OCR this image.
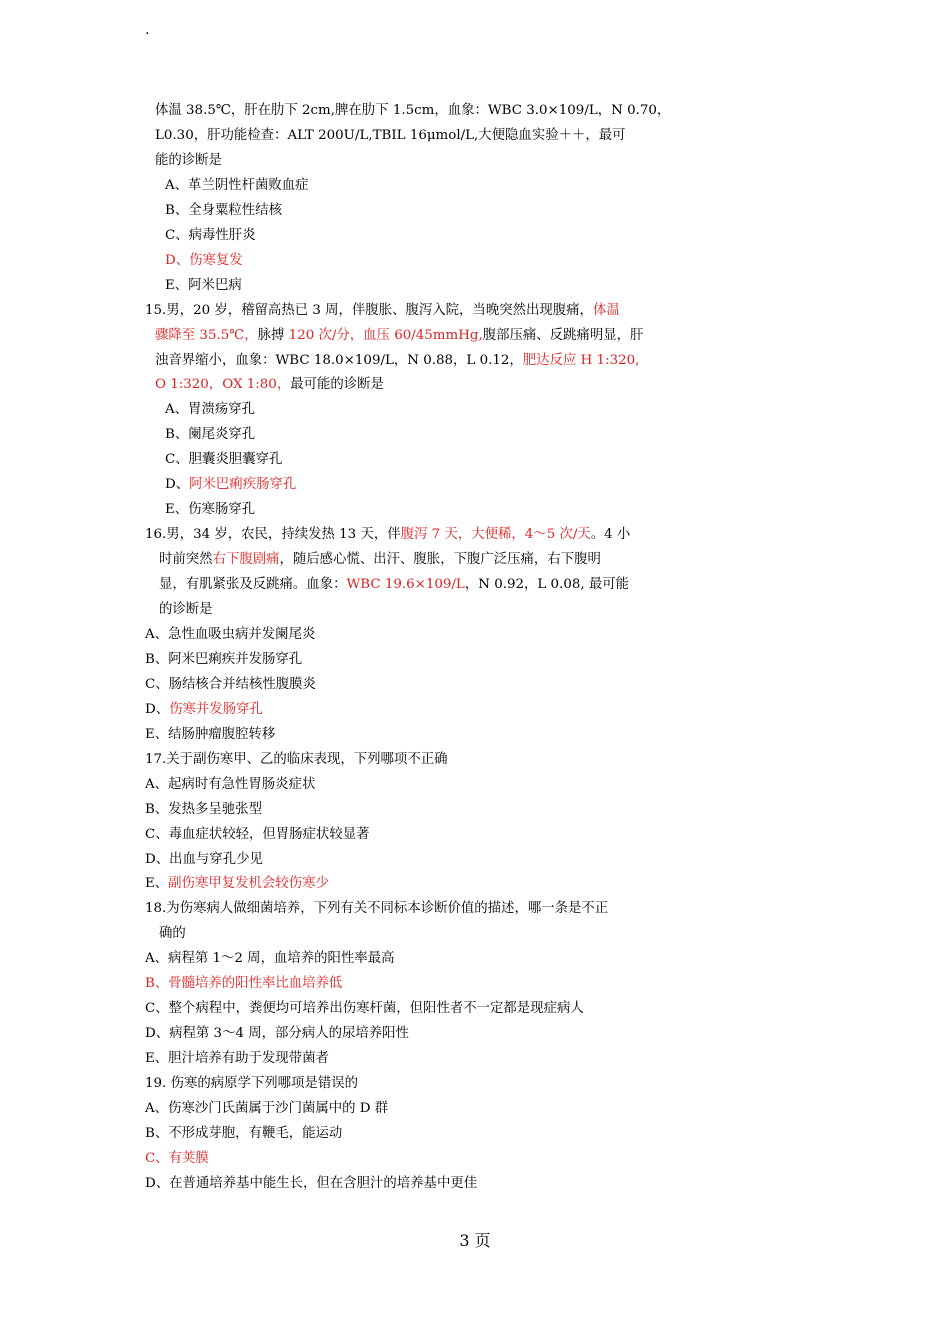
.
体温 38.5℃，肝在肋下 2cm,脾在肋下 1.5cm，血象：WBC 3.0×109/L，N 0.70，
L0.30，肝功能检查：ALT 200U/L,TBIL 16μmol/L,大便隐血实验＋＋，最可
能的诊断是
A、革兰阴性杆菌败血症
B、全身粟粒性结核
C、病毒性肝炎
D、伤寒复发
E、阿米巴病
15.男，20 岁，稽留高热已 3 周，伴腹胀、腹泻入院，当晚突然出现腹痛，体温
骤降至 35.5℃，脉搏 120 次/分，血压 60/45mmHg,腹部压痛、反跳痛明显，肝
浊音界缩小，血象：WBC 18.0×109/L，N 0.88，L 0.12，肥达反应 H 1:320,
O 1:320，OX 1:80，最可能的诊断是
A、胃溃疡穿孔
B、阑尾炎穿孔
C、胆囊炎胆囊穿孔
D、阿米巴痢疾肠穿孔
E、伤寒肠穿孔
16.男，34 岁，农民，持续发热 13 天，伴腹泻 7 天，大便稀，4～5 次/天。4 小
时前突然右下腹剧痛，随后感心慌、出汗、腹胀，下腹广泛压痛，右下腹明
显，有肌紧张及反跳痛。血象：WBC 19.6×109/L，N 0.92，L 0.08, 最可能
的诊断是
A、急性血吸虫病并发阑尾炎
B、阿米巴痢疾并发肠穿孔
C、肠结核合并结核性腹膜炎
D、伤寒并发肠穿孔
E、结肠肿瘤腹腔转移
17.关于副伤寒甲、乙的临床表现，下列哪项不正确
A、起病时有急性胃肠炎症状
B、发热多呈驰张型
C、毒血症状较轻，但胃肠症状较显著
D、出血与穿孔少见
E、副伤寒甲复发机会较伤寒少
18.为伤寒病人做细菌培养，下列有关不同标本诊断价值的描述，哪一条是不正
确的
A、病程第 1～2 周，血培养的阳性率最高
B、骨髓培养的阳性率比血培养低
C、整个病程中，粪便均可培养出伤寒杆菌，但阳性者不一定都是现症病人
D、病程第 3～4 周，部分病人的尿培养阳性
E、胆汁培养有助于发现带菌者
19. 伤寒的病原学下列哪项是错误的
A、伤寒沙门氏菌属于沙门菌属中的 D 群
B、不形成芽胞，有鞭毛，能运动
C、有荚膜
D、在普通培养基中能生长，但在含胆汁的培养基中更佳
3 页
